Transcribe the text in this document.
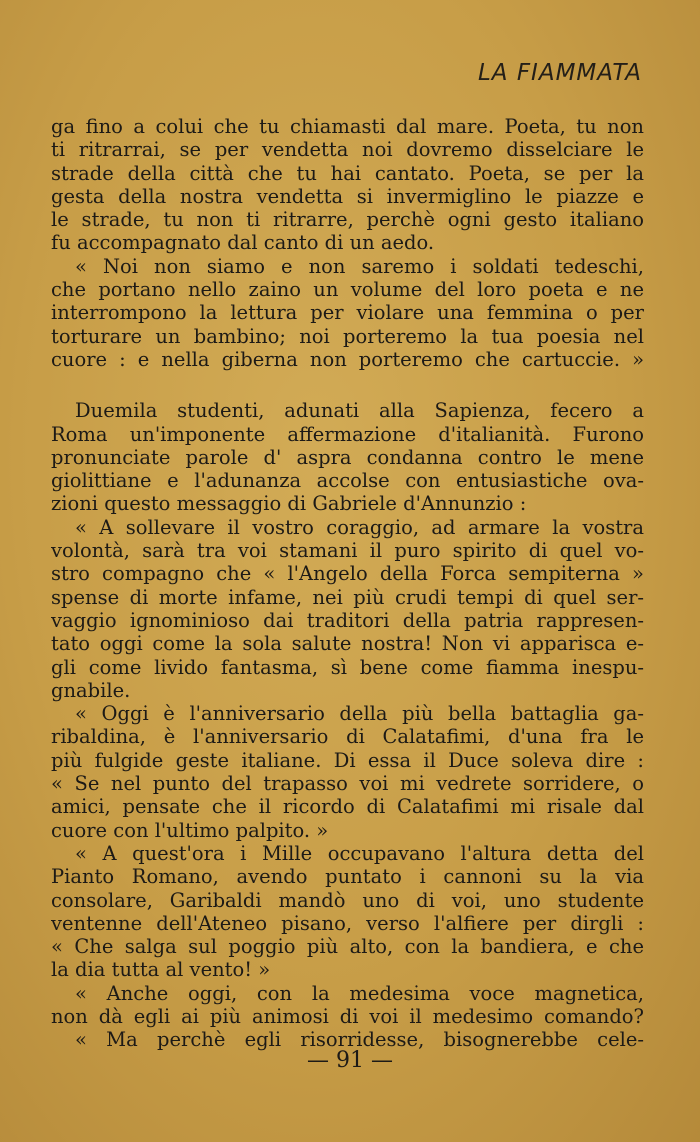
LA FIAMMATA
ga fino a colui che tu chiamasti dal mare. Poeta, tu non
ti ritrarrai, se per vendetta noi dovremo disselciare le
strade della città che tu hai cantato. Poeta, se per la
gesta della nostra vendetta si invermiglino le piazze e
le strade, tu non ti ritrarre, perchè ogni gesto italiano
fu accompagnato dal canto di un aedo.
« Noi non siamo e non saremo i soldati tedeschi,
che portano nello zaino un volume del loro poeta e ne
interrompono la lettura per violare una femmina o per
torturare un bambino; noi porteremo la tua poesia nel
cuore : e nella giberna non porteremo che cartuccie. »
Duemila studenti, adunati alla Sapienza, fecero a
Roma un'imponente affermazione d'italianità. Furono
pronunciate parole d' aspra condanna contro le mene
giolittiane e l'adunanza accolse con entusiastiche ova-
zioni questo messaggio di Gabriele d'Annunzio :
« A sollevare il vostro coraggio, ad armare la vostra
volontà, sarà tra voi stamani il puro spirito di quel vo-
stro compagno che « l'Angelo della Forca sempiterna »
spense di morte infame, nei più crudi tempi di quel ser-
vaggio ignominioso dai traditori della patria rappresen-
tato oggi come la sola salute nostra! Non vi apparisca e-
gli come livido fantasma, sì bene come fiamma inespu-
gnabile.
« Oggi è l'anniversario della più bella battaglia ga-
ribaldina, è l'anniversario di Calatafimi, d'una fra le
più fulgide geste italiane. Di essa il Duce soleva dire :
« Se nel punto del trapasso voi mi vedrete sorridere, o
amici, pensate che il ricordo di Calatafimi mi risale dal
cuore con l'ultimo palpito. »
« A quest'ora i Mille occupavano l'altura detta del
Pianto Romano, avendo puntato i cannoni su la via
consolare, Garibaldi mandò uno di voi, uno studente
ventenne dell'Ateneo pisano, verso l'alfiere per dirgli :
« Che salga sul poggio più alto, con la bandiera, e che
la dia tutta al vento! »
« Anche oggi, con la medesima voce magnetica,
non dà egli ai più animosi di voi il medesimo comando?
« Ma perchè egli risorridesse, bisognerebbe cele-
— 91 —
